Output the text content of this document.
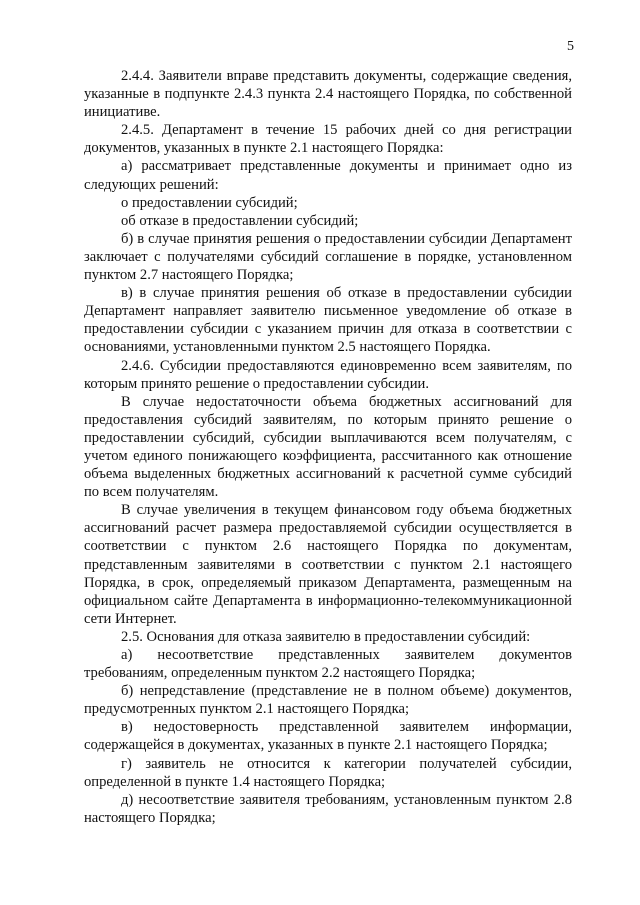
5

2.4.4. Заявители вправе представить документы, содержащие сведения, указанные в подпункте 2.4.3 пункта 2.4 настоящего Порядка, по собственной инициативе.

2.4.5. Департамент в течение 15 рабочих дней со дня регистрации документов, указанных в пункте 2.1 настоящего Порядка:

а) рассматривает представленные документы и принимает одно из следующих решений:

о предоставлении субсидий;

об отказе в предоставлении субсидий;

б) в случае принятия решения о предоставлении субсидии Департамент заключает с получателями субсидий соглашение в порядке, установленном пунктом 2.7 настоящего Порядка;

в) в случае принятия решения об отказе в предоставлении субсидии Департамент направляет заявителю письменное уведомление об отказе в предоставлении субсидии с указанием причин для отказа в соответствии с основаниями, установленными пунктом 2.5 настоящего Порядка.

2.4.6. Субсидии предоставляются единовременно всем заявителям, по которым принято решение о предоставлении субсидии.

В случае недостаточности объема бюджетных ассигнований для предоставления субсидий заявителям, по которым принято решение о предоставлении субсидий, субсидии выплачиваются всем получателям, с учетом единого понижающего коэффициента, рассчитанного как отношение объема выделенных бюджетных ассигнований к расчетной сумме субсидий по всем получателям.

В случае увеличения в текущем финансовом году объема бюджетных ассигнований расчет размера предоставляемой субсидии осуществляется в соответствии с пунктом 2.6 настоящего Порядка по документам, представленным заявителями в соответствии с пунктом 2.1 настоящего Порядка, в срок, определяемый приказом Департамента, размещенным на официальном сайте Департамента в информационно-телекоммуникационной сети Интернет.

2.5. Основания для отказа заявителю в предоставлении субсидий:

а) несоответствие представленных заявителем документов требованиям, определенным пунктом 2.2 настоящего Порядка;

б) непредставление (представление не в полном объеме) документов, предусмотренных пунктом 2.1 настоящего Порядка;

в) недостоверность представленной заявителем информации, содержащейся в документах, указанных в пункте 2.1 настоящего Порядка;

г) заявитель не относится к категории получателей субсидии, определенной в пункте 1.4 настоящего Порядка;

д) несоответствие заявителя требованиям, установленным пунктом 2.8 настоящего Порядка;
